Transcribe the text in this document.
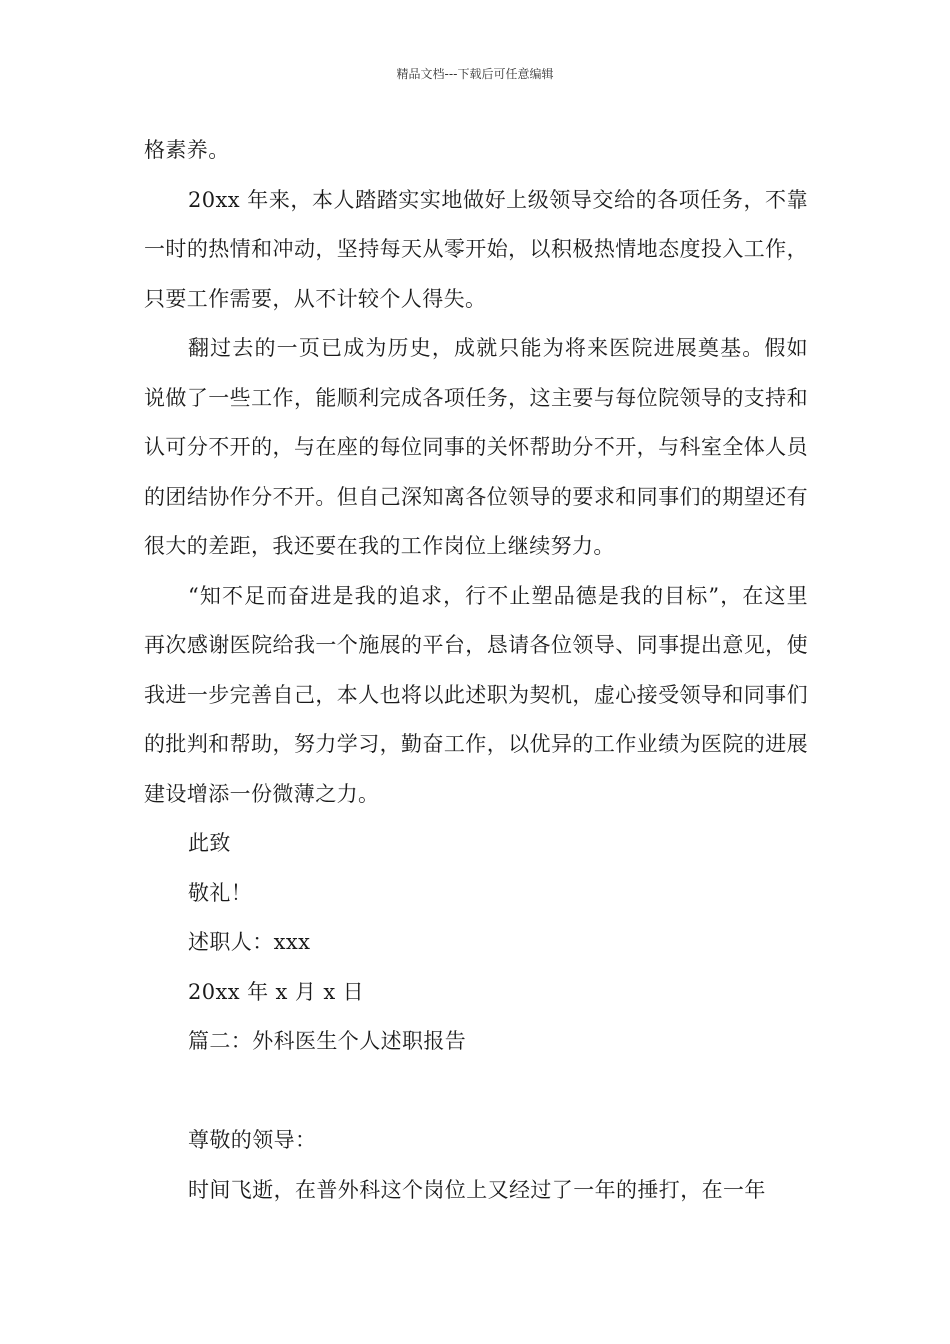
精品文档---下载后可任意编辑

格素养。

20xx 年来，本人踏踏实实地做好上级领导交给的各项任务，不靠一时的热情和冲动，坚持每天从零开始，以积极热情地态度投入工作，只要工作需要，从不计较个人得失。

翻过去的一页已成为历史，成就只能为将来医院进展奠基。假如说做了一些工作，能顺利完成各项任务，这主要与每位院领导的支持和认可分不开的，与在座的每位同事的关怀帮助分不开，与科室全体人员的团结协作分不开。但自己深知离各位领导的要求和同事们的期望还有很大的差距，我还要在我的工作岗位上继续努力。

“知不足而奋进是我的追求，行不止塑品德是我的目标”，在这里再次感谢医院给我一个施展的平台，恳请各位领导、同事提出意见，使我进一步完善自己，本人也将以此述职为契机，虚心接受领导和同事们的批判和帮助，努力学习，勤奋工作，以优异的工作业绩为医院的进展建设增添一份微薄之力。

此致

敬礼！

述职人：xxx

20xx 年 x 月 x 日

篇二：外科医生个人述职报告

尊敬的领导：

时间飞逝，在普外科这个岗位上又经过了一年的捶打，在一年
